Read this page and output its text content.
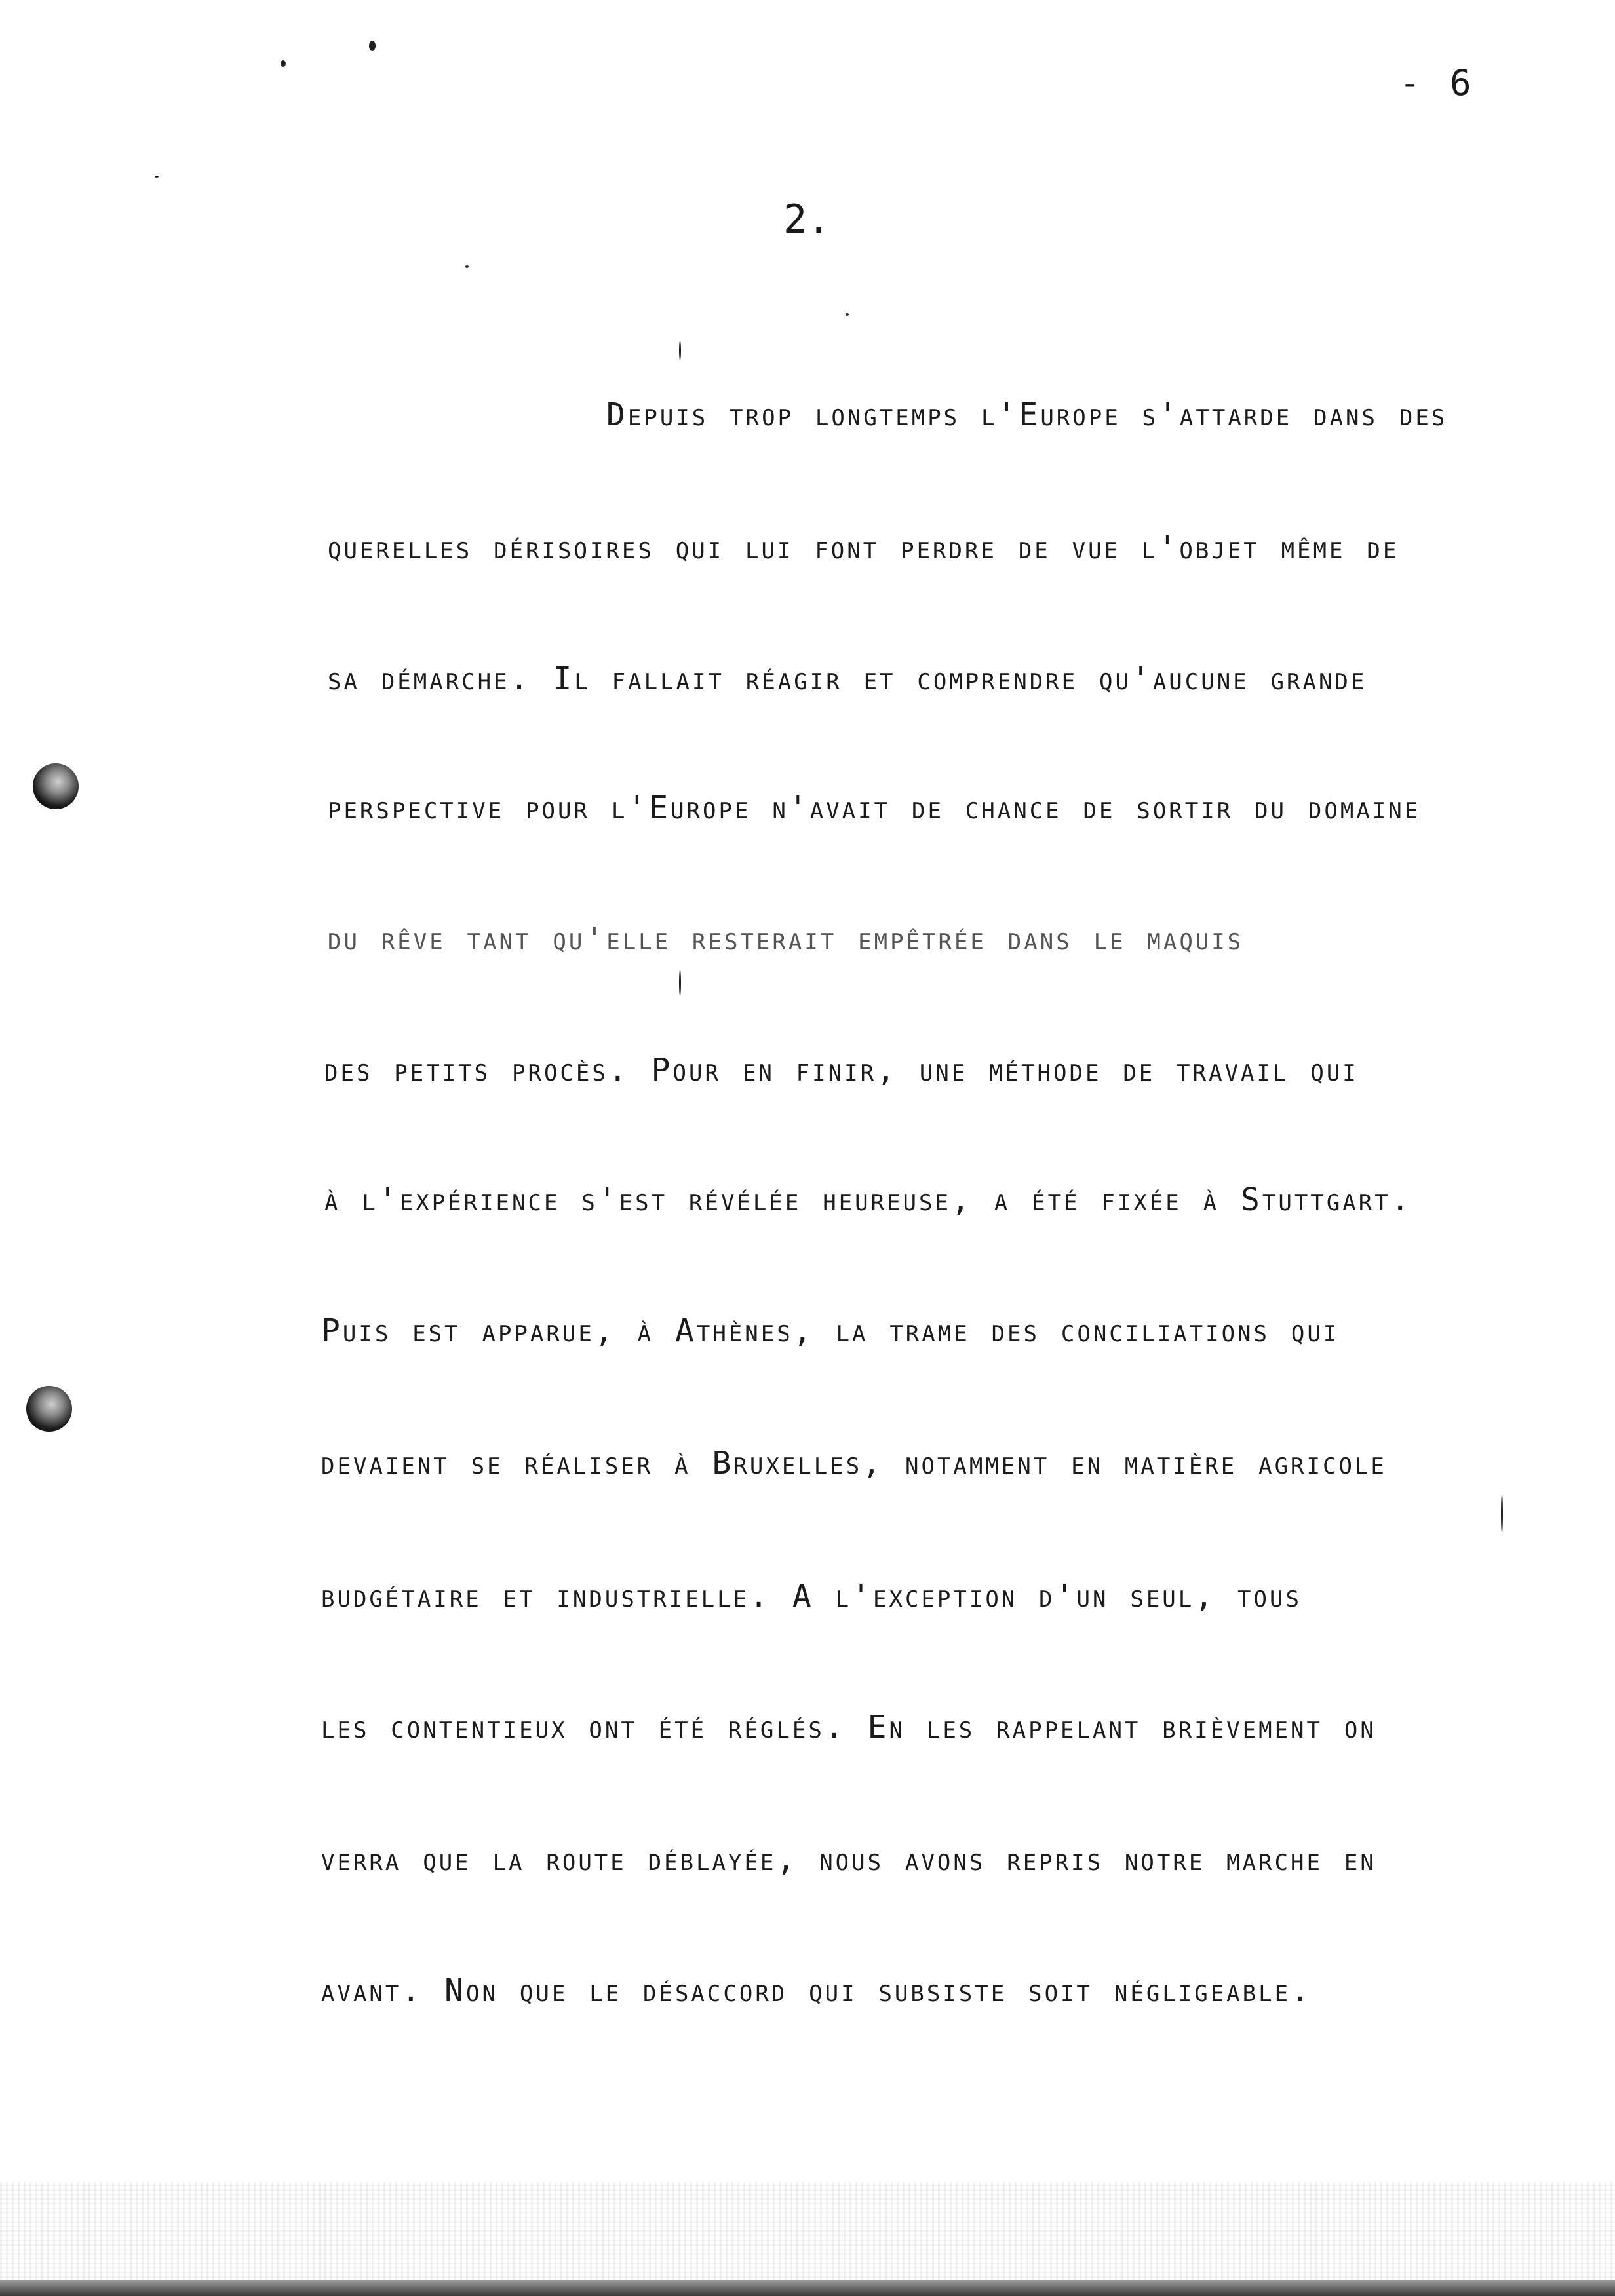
- 6
2.
Depuis trop longtemps l'Europe s'attarde dans des
querelles dérisoires qui lui font perdre de vue l'objet même de
sa démarche. Il fallait réagir et comprendre qu'aucune grande
perspective pour l'Europe n'avait de chance de sortir du domaine
du rêve tant qu'elle resterait empêtrée dans le maquis
des petits procès. Pour en finir, une méthode de travail qui
à l'expérience s'est révélée heureuse, a été fixée à Stuttgart.
Puis est apparue, à Athènes, la trame des conciliations qui
devaient se réaliser à Bruxelles, notamment en matière agricole
budgétaire et industrielle. A l'exception d'un seul, tous
les contentieux ont été réglés. En les rappelant brièvement on
verra que la route déblayée, nous avons repris notre marche en
avant. Non que le désaccord qui subsiste soit négligeable.
